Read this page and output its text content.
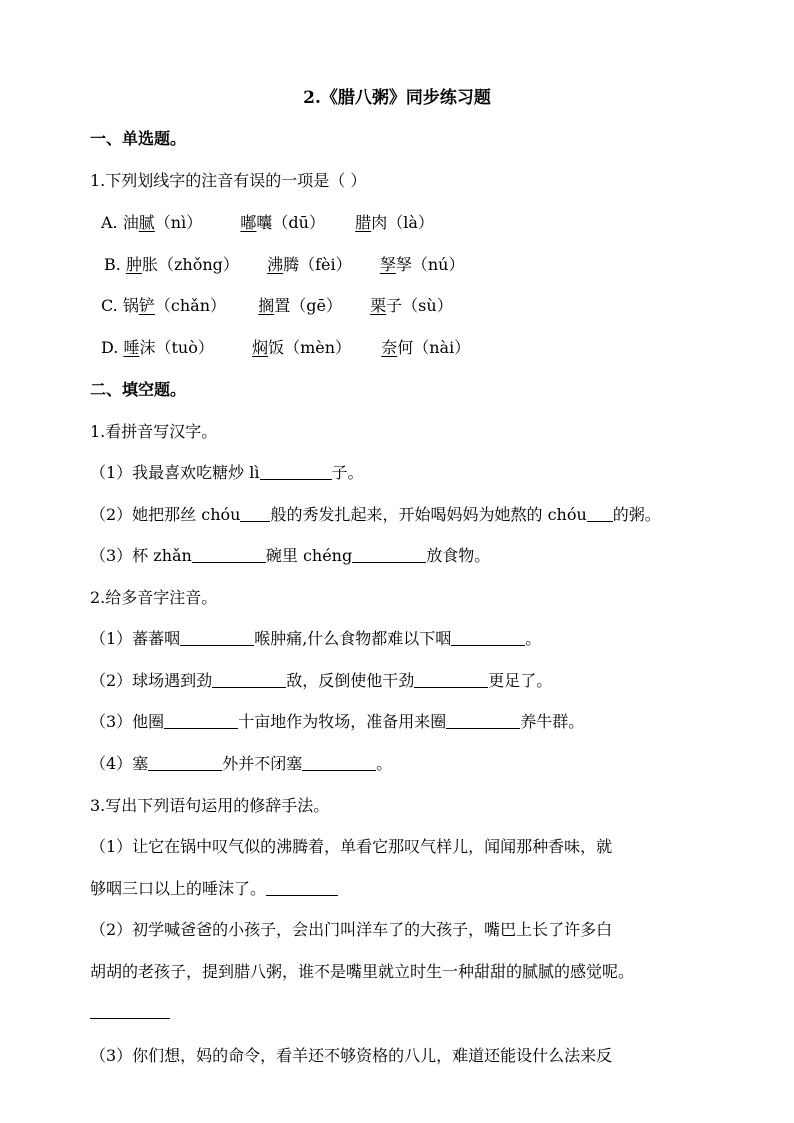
2.《腊八粥》同步练习题
一、单选题。
1.下列划线字的注音有误的一项是（ ）
A. 油腻（nì） 嘟囔（dū） 腊肉（là）
B. 肿胀（zhǒng） 沸腾（fèi） 孥孥（nú）
C. 锅铲（chǎn） 搁置（gē） 栗子（sù）
D. 唾沫（tuò） 焖饭（mèn） 奈何（nài）
二、填空题。
1.看拼音写汉字。
（1）我最喜欢吃糖炒 lì	子。
（2）她把那丝 chóu 般的秀发扎起来，开始喝妈妈为她熬的 chóu 的粥。
（3）杯 zhǎn	碗里 chéng	放食物。
2.给多音字注音。
（1）蕃蕃咽	喉肿痛,什么食物都难以下咽	。
（2）球场遇到劲	敌，反倒使他干劲	更足了。
（3）他圈	十亩地作为牧场，准备用来圈	养牛群。
（4）塞	外并不闭塞	。
3.写出下列语句运用的修辞手法。
（1）让它在锅中叹气似的沸腾着，单看它那叹气样儿，闻闻那种香味，就
够咽三口以上的唾沫了。
（2）初学喊爸爸的小孩子，会出门叫洋车了的大孩子，嘴巴上长了许多白
胡胡的老孩子，提到腊八粥，谁不是嘴里就立时生一种甜甜的腻腻的感觉呢。
（3）你们想，妈的命令，看羊还不够资格的八儿，难道还能设什么法来反
